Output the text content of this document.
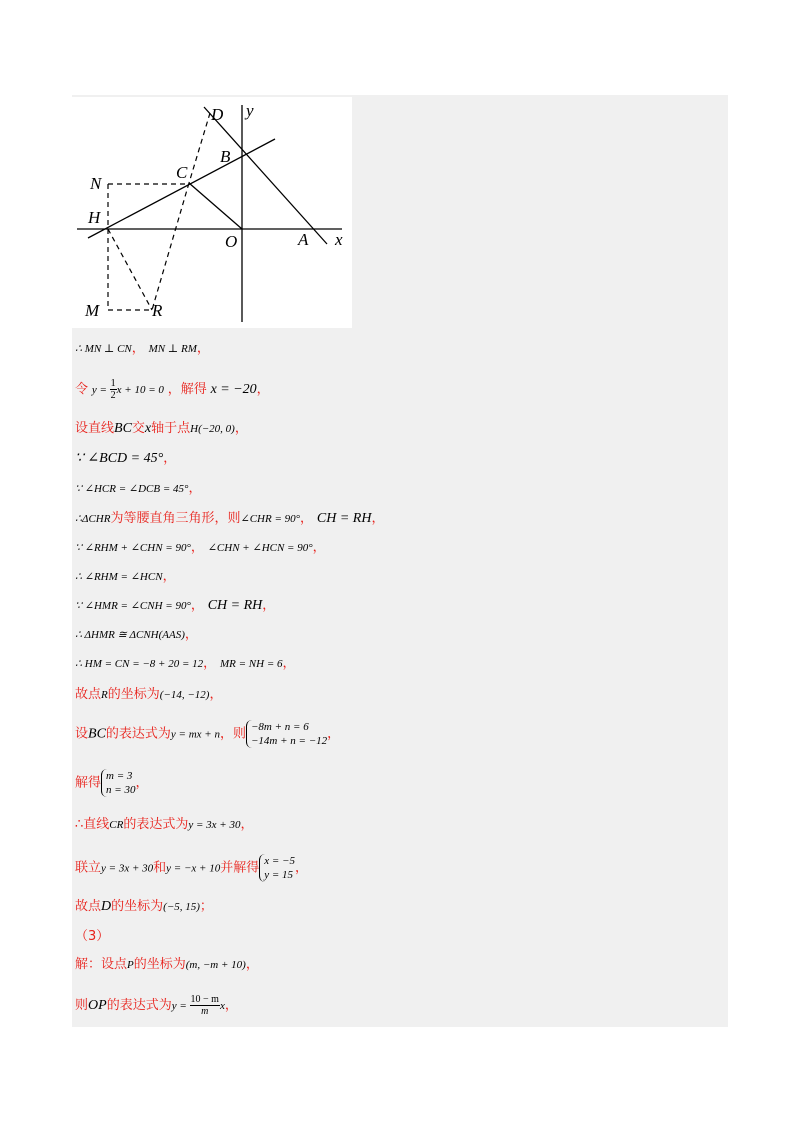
D y
B
N
C
H
O	A x
M	R
∴ MN ⊥ CN， MN ⊥ RM，
令 $y = \frac{1}{2}$ x + 10 = 0 ，解得 x = −20，
设直线BC交x轴于点H(−20, 0)，
∵ ∠BCD = 45°，
∵ ∠HCR = ∠DCB = 45°，
∴ΔCHR为等腰直角三角形，则∠CHR = 90°， CH = RH，
∵ ∠RHM + ∠CHN = 90°， ∠CHN + ∠HCN = 90°，
∴ ∠RHM = ∠HCN，
∵ ∠HMR = ∠CNH = 90°， CH = RH，
∴ ΔHMR ≅ ΔCNH(AAS)，
∴ HM = CN = −8 + 20 = 12， MR = NH = 6，
故点R的坐标为(−14, −12)，
设BC的表达式为y = mx + n，则 −8m + n = 6
−14m + n = −12 ，
解得 m = 3
n = 30 ，
∴直线CR的表达式为y = 3x + 30，
联立y = 3x + 30和y = −x + 10并解得 x = −5
y = 15 ，
故点D的坐标为(−5, 15)；
（3）
解：设点P的坐标为(m, −m + 10)，
则OP的表达式为$y = \frac{10 - m}{m}$ x，
